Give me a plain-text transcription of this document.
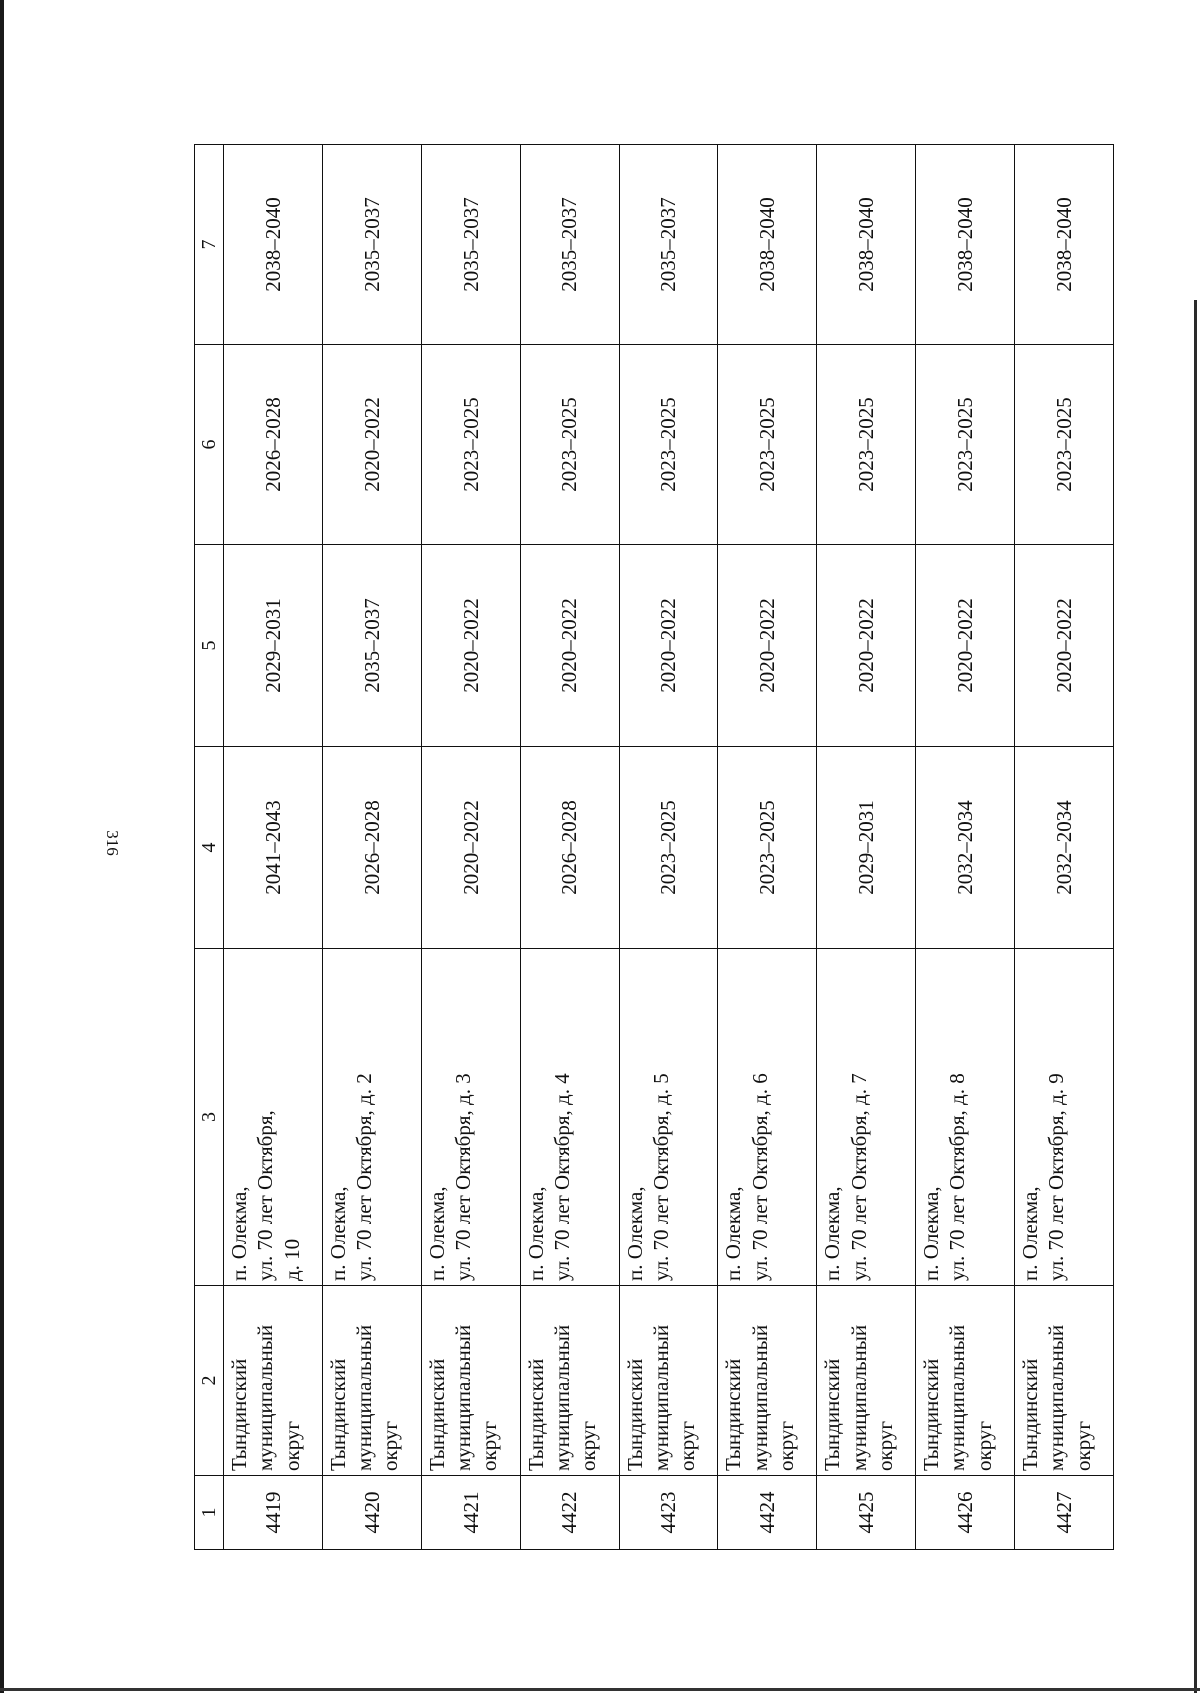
316
1	2	3	4	5	6	7
4419	Тындинский муниципальный округ	п. Олекма, ул. 70 лет Октября, д. 10	2041–2043	2029–2031	2026–2028	2038–2040
4420	Тындинский муниципальный округ	п. Олекма, ул. 70 лет Октября, д. 2	2026–2028	2035–2037	2020–2022	2035–2037
4421	Тындинский муниципальный округ	п. Олекма, ул. 70 лет Октября, д. 3	2020–2022	2020–2022	2023–2025	2035–2037
4422	Тындинский муниципальный округ	п. Олекма, ул. 70 лет Октября, д. 4	2026–2028	2020–2022	2023–2025	2035–2037
4423	Тындинский муниципальный округ	п. Олекма, ул. 70 лет Октября, д. 5	2023–2025	2020–2022	2023–2025	2035–2037
4424	Тындинский муниципальный округ	п. Олекма, ул. 70 лет Октября, д. 6	2023–2025	2020–2022	2023–2025	2038–2040
4425	Тындинский муниципальный округ	п. Олекма, ул. 70 лет Октября, д. 7	2029–2031	2020–2022	2023–2025	2038–2040
4426	Тындинский муниципальный округ	п. Олекма, ул. 70 лет Октября, д. 8	2032–2034	2020–2022	2023–2025	2038–2040
4427	Тындинский муниципальный округ	п. Олекма, ул. 70 лет Октября, д. 9	2032–2034	2020–2022	2023–2025	2038–2040
